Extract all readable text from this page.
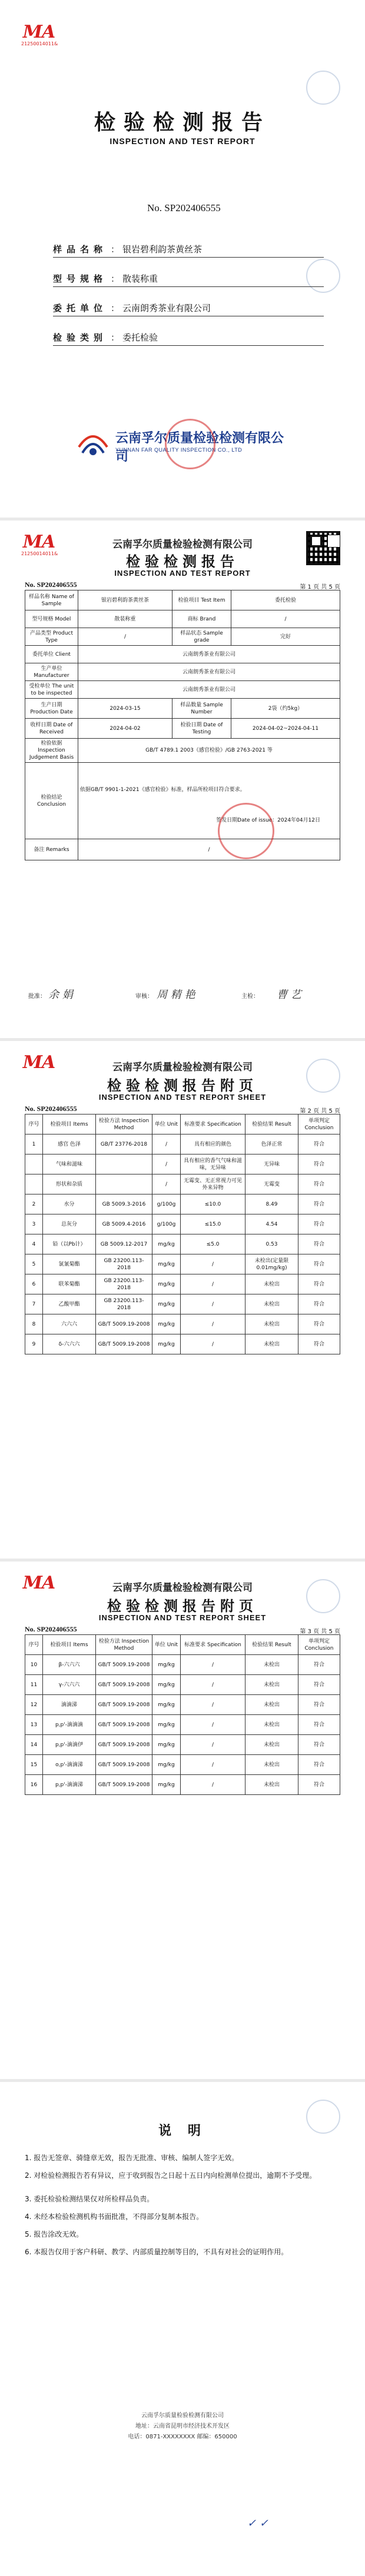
MA
21250014011&
检验检测报告
INSPECTION AND TEST REPORT
No. SP202406555
样品名称 ： 银岩碧利韵茶黄丝茶
型号规格 ： 散装称重
委托单位 ： 云南朗秀茶业有限公司
检验类别 ： 委托检验
云南孚尔质量检验检测有限公司
YUNNAN FAR QUALITY INSPECTION CO., LTD
MA
21250014011&
云南孚尔质量检验检测有限公司
检验检测报告
INSPECTION AND TEST REPORT
No. SP202406555	第 1 页 共 5 页
样品名称 Name of Sample	银岩碧利韵茶黄丝茶	检验项目 Test Item	委托检验
型号规格 Model	散装称重	商标 Brand	/
产品类型 Product Type	/	样品状态 Sample grade	完好
委托单位 Client	云南朗秀茶业有限公司		
生产单位 Manufacturer	云南朗秀茶业有限公司		
受检单位 The unit to be inspected	云南朗秀茶业有限公司		
生产日期 Production Date	2024-03-15	样品数量 Sample Number	2袋（约5kg）
收样日期 Date of Received	2024-04-02	检验日期 Date of Testing	2024-04-02~2024-04-11
检验依据 Inspection Judgement Basis	GB/T 4789.1 2003《感官检验》/GB 2763-2021 等		
检验结论 Conclusion	依据GB/T 9901-1-2021《感官检验》标准，样品所检项目符合要求。
签发日期Date of issue：2024年04月12日		

备注 Remarks	/		
批准： 余 娟	审核： 周 精 艳	主检： 曹 艺
MA	云南孚尔质量检验检测有限公司
检验检测报告附页
INSPECTION AND TEST REPORT SHEET
No. SP202406555	第 2 页 共 5 页
序号	检验项目 Items	检验方法 Inspection Method	单位 Unit	标准要求 Specification	检验结果 Result	单项判定 Conclusion
1	感官 色泽	GB/T 23776-2018	/	具有相应的颜色	色泽正常	符合
	气味和滋味		/	具有相应的香气气味和滋味，无异味	无异味	符合
	形状和杂质		/	无霉变、无正常视力可见外来异物	无霉变	符合
2	水分	GB 5009.3-2016	g/100g	≤10.0	8.49	符合
3	总灰分	GB 5009.4-2016	g/100g	≤15.0	4.54	符合
4	铅（以Pb计）	GB 5009.12-2017	mg/kg	≤5.0	0.53	符合
5	氯氰菊酯	GB 23200.113-2018	mg/kg	/	未检出(定量限0.01mg/kg)	符合
6	联苯菊酯	GB 23200.113-2018	mg/kg	/	未检出	符合
7	乙酸甲酯	GB 23200.113-2018	mg/kg	/	未检出	符合
8	六六六	GB/T 5009.19-2008	mg/kg	/	未检出	符合
9	δ-六六六	GB/T 5009.19-2008	mg/kg	/	未检出	符合
MA	云南孚尔质量检验检测有限公司
检验检测报告附页
INSPECTION AND TEST REPORT SHEET
No. SP202406555	第 3 页 共 5 页
序号	检验项目 Items	检验方法 Inspection Method	单位 Unit	标准要求 Specification	检验结果 Result	单项判定 Conclusion
10	β-六六六	GB/T 5009.19-2008	mg/kg	/	未检出	符合
11	γ-六六六	GB/T 5009.19-2008	mg/kg	/	未检出	符合
12	滴滴涕	GB/T 5009.19-2008	mg/kg	/	未检出	符合
13	p,p'-滴滴滴	GB/T 5009.19-2008	mg/kg	/	未检出	符合
14	p,p'-滴滴伊	GB/T 5009.19-2008	mg/kg	/	未检出	符合
15	o,p'-滴滴涕	GB/T 5009.19-2008	mg/kg	/	未检出	符合
16	p,p'-滴滴涕	GB/T 5009.19-2008	mg/kg	/	未检出	符合
说 明
1. 报告无签章、骑缝章无效，报告无批准、审核、编制人签字无效。
2. 对检验检测报告若有异议，应于收到报告之日起十五日内向检测单位提出，逾期不予受理。
3. 委托检验检测结果仅对所检样品负责。
4. 未经本检验检测机构书面批准，不得部分复制本报告。
5. 报告涂改无效。
6. 本报告仅用于客户科研、教学、内部质量控制等目的，不具有对社会的证明作用。
云南孚尔质量检验检测有限公司
地址：云南省昆明市经济技术开发区
电话：0871-XXXXXXXX 邮编：650000
✓ ✓
